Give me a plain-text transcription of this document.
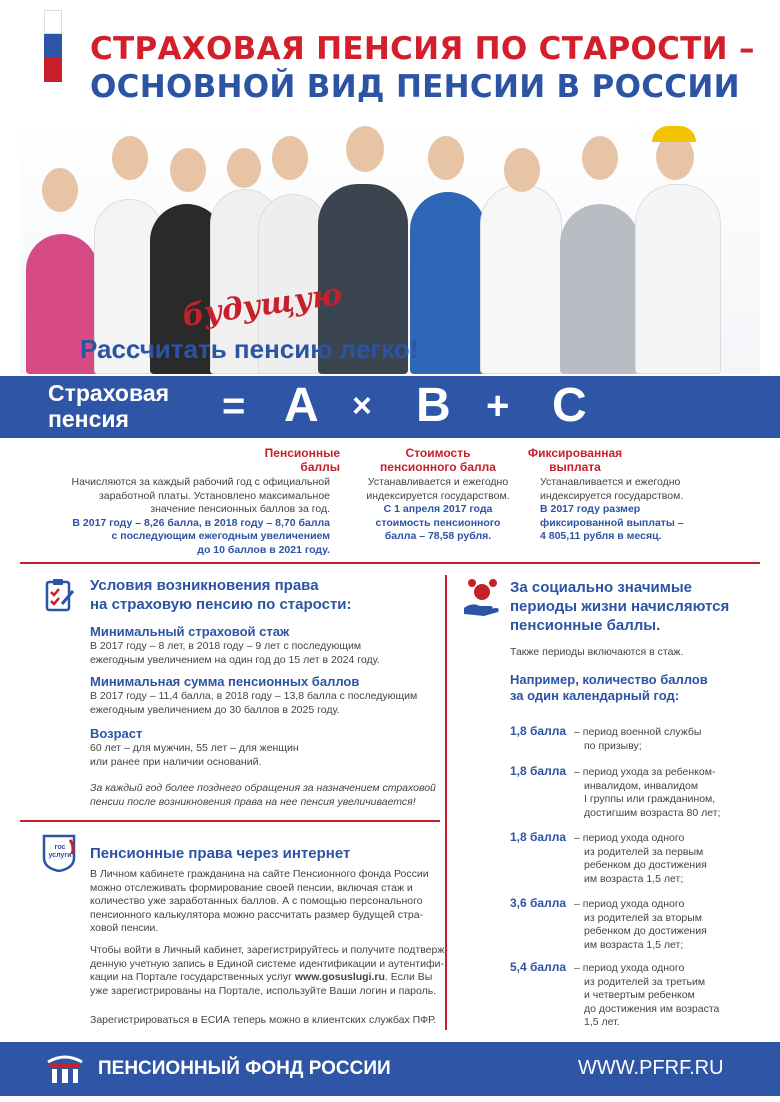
СТРАХОВАЯ ПЕНСИЯ ПО СТАРОСТИ –
ОСНОВНОЙ ВИД ПЕНСИИ В РОССИИ
будущую
Рассчитать пенсию легко!
Страховая
пенсия	= A × B + C
Пенсионные
баллы
Начисляются за каждый рабочий год с официальной
заработной платы. Установлено максимальное
значение пенсионных баллов за год.
В 2017 году – 8,26 балла, в 2018 году – 8,70 балла
с последующим ежегодным увеличением
до 10 баллов в 2021 году.
Стоимость
пенсионного балла
Устанавливается и ежегодно
индексируется государством.
С 1 апреля 2017 года
стоимость пенсионного
балла – 78,58 рубля.
Фиксированная
выплата
Устанавливается и ежегодно
индексируется государством.
В 2017 году размер
фиксированной выплаты –
4 805,11 рубля в месяц.
Условия возникновения права
на страховую пенсию по старости:
Минимальный страховой стаж
В 2017 году – 8 лет, в 2018 году – 9 лет с последующим
ежегодным увеличением на один год до 15 лет в 2024 году.
Минимальная сумма пенсионных баллов
В 2017 году – 11,4 балла, в 2018 году – 13,8 балла с последующим
ежегодным увеличением до 30 баллов в 2025 году.
Возраст
60 лет – для мужчин, 55 лет – для женщин
или ранее при наличии оснований.
За каждый год более позднего обращения за назначением страховой
пенсии после возникновения права на нее пенсия увеличивается!
гос
услуги Пенсионные права через интернет
В Личном кабинете гражданина на сайте Пенсионного фонда России
можно отслеживать формирование своей пенсии, включая стаж и
количество уже заработанных баллов. А с помощью персонального
пенсионного калькулятора можно рассчитать размер будущей стра-
ховой пенсии.
Чтобы войти в Личный кабинет, зарегистрируйтесь и получите подтверж-
денную учетную запись в Единой системе идентификации и аутентифи-
кации на Портале государственных услуг www.gosuslugi.ru. Если Вы
уже зарегистрированы на Портале, используйте Ваши логин и пароль.
Зарегистрироваться в ЕСИА теперь можно в клиентских службах ПФР.
За социально значимые
периоды жизни начисляются
пенсионные баллы.
Также периоды включаются в стаж.
Например, количество баллов
за один календарный год:
1,8 балла – период военной службы
по призыву;
1,8 балла – период ухода за ребенком-
инвалидом, инвалидом
I группы или гражданином,
достигшим возраста 80 лет;
1,8 балла – период ухода одного
из родителей за первым
ребенком до достижения
им возраста 1,5 лет;
3,6 балла – период ухода одного
из родителей за вторым
ребенком до достижения
им возраста 1,5 лет;
5,4 балла – период ухода одного
из родителей за третьим
и четвертым ребенком
до достижения им возраста
1,5 лет.
ПЕНСИОННЫЙ ФОНД РОССИИ	WWW.PFRF.RU
